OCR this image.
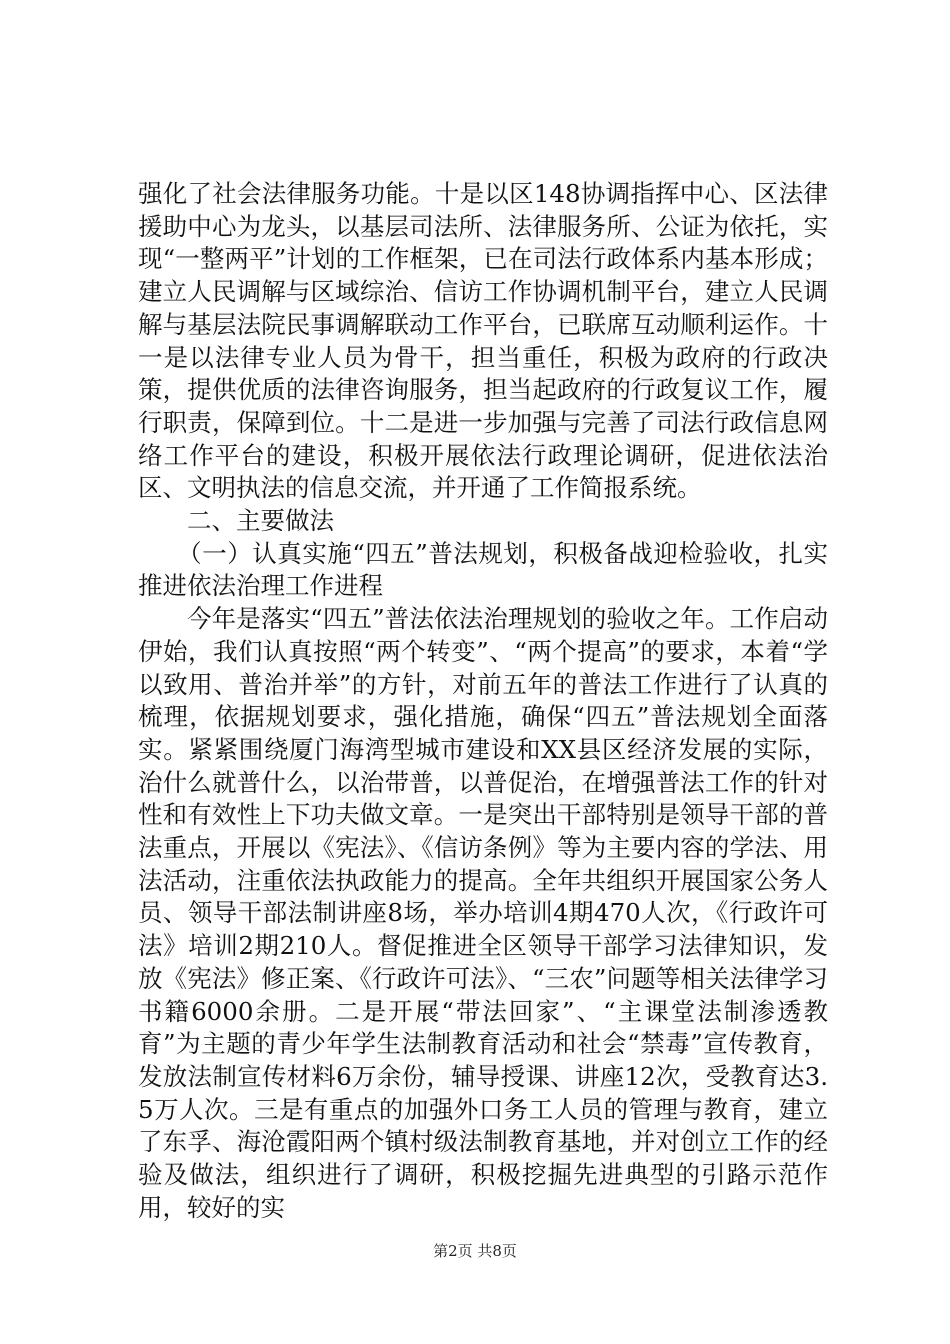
强化了社会法律服务功能。十是以区148协调指挥中心、区法律援助中心为龙头，以基层司法所、法律服务所、公证为依托，实现“一整两平”计划的工作框架，已在司法行政体系内基本形成；建立人民调解与区域综治、信访工作协调机制平台，建立人民调解与基层法院民事调解联动工作平台，已联席互动顺利运作。十一是以法律专业人员为骨干，担当重任，积极为政府的行政决策，提供优质的法律咨询服务，担当起政府的行政复议工作，履行职责，保障到位。十二是进一步加强与完善了司法行政信息网络工作平台的建设，积极开展依法行政理论调研，促进依法治区、文明执法的信息交流，并开通了工作简报系统。

二、主要做法

（一）认真实施“四五”普法规划，积极备战迎检验收，扎实推进依法治理工作进程

今年是落实“四五”普法依法治理规划的验收之年。工作启动伊始，我们认真按照“两个转变”、“两个提高”的要求，本着“学以致用、普治并举”的方针，对前五年的普法工作进行了认真的梳理，依据规划要求，强化措施，确保“四五”普法规划全面落实。紧紧围绕厦门海湾型城市建设和XX县区经济发展的实际，治什么就普什么，以治带普，以普促治，在增强普法工作的针对性和有效性上下功夫做文章。一是突出干部特别是领导干部的普法重点，开展以《宪法》、《信访条例》等为主要内容的学法、用法活动，注重依法执政能力的提高。全年共组织开展国家公务人员、领导干部法制讲座8场，举办培训4期470人次，《行政许可法》培训2期210人。督促推进全区领导干部学习法律知识，发放《宪法》修正案、《行政许可法》、“三农”问题等相关法律学习书籍6000余册。二是开展“带法回家”、“主课堂法制渗透教育”为主题的青少年学生法制教育活动和社会“禁毒”宣传教育，发放法制宣传材料6万余份，辅导授课、讲座12次，受教育达3.5万人次。三是有重点的加强外口务工人员的管理与教育，建立了东孚、海沧霞阳两个镇村级法制教育基地，并对创立工作的经验及做法，组织进行了调研，积极挖掘先进典型的引路示范作用，较好的实

第2页 共8页
